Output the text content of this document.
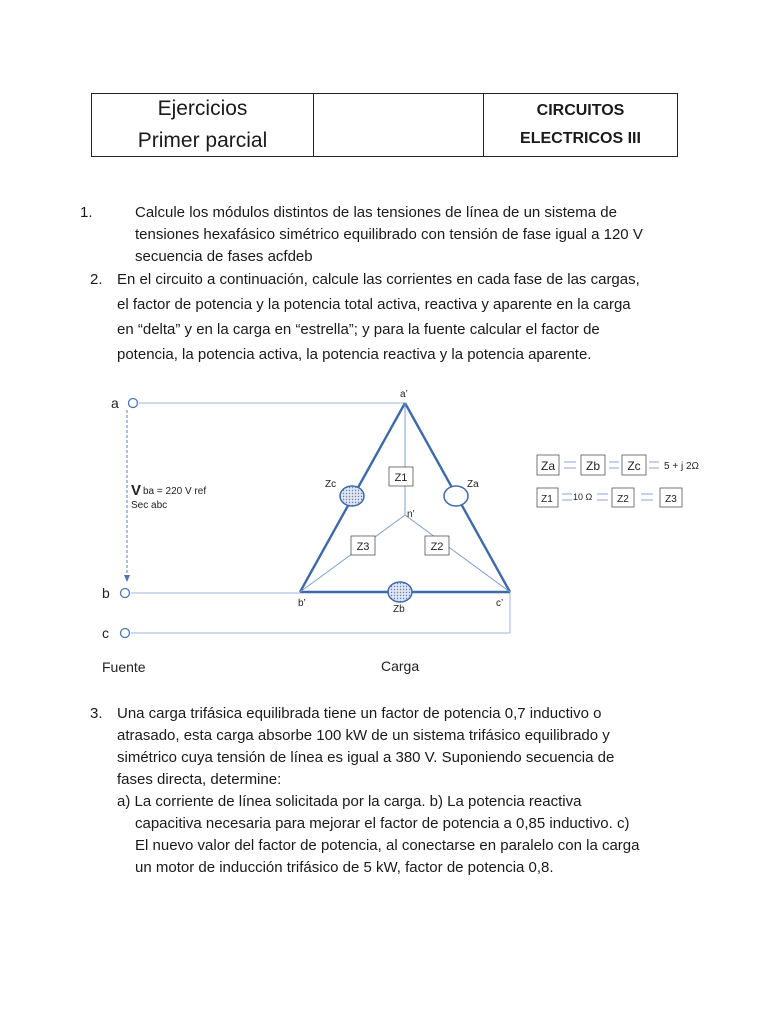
Ejercicios
Primer parcial
CIRCUITOS
ELECTRICOS III
1.	Calcule los módulos distintos de las tensiones de línea de un sistema de
tensiones hexafásico simétrico equilibrado con tensión de fase igual a 120 V
secuencia de fases acfdeb
2. En el circuito a continuación, calcule las corrientes en cada fase de las cargas,
el factor de potencia y la potencia total activa, reactiva y aparente en la carga
en “delta” y en la carga en “estrella”; y para la fuente calcular el factor de
potencia, la potencia activa, la potencia reactiva y la potencia aparente.
Z1
Z3	Z2
a
b
c
a’
b’	c’
n’
Zc	Za
Zb
V ba = 220 V ref
Sec abc
Fuente	Carga
Za	Zb Zc 5 + j 2Ω
Z1 10 Ω Z2	Z3
3. Una carga trifásica equilibrada tiene un factor de potencia 0,7 inductivo o
atrasado, esta carga absorbe 100 kW de un sistema trifásico equilibrado y
simétrico cuya tensión de línea es igual a 380 V. Suponiendo secuencia de
fases directa, determine:
a) La corriente de línea solicitada por la carga. b) La potencia reactiva
capacitiva necesaria para mejorar el factor de potencia a 0,85 inductivo. c)
El nuevo valor del factor de potencia, al conectarse en paralelo con la carga
un motor de inducción trifásico de 5 kW, factor de potencia 0,8.
